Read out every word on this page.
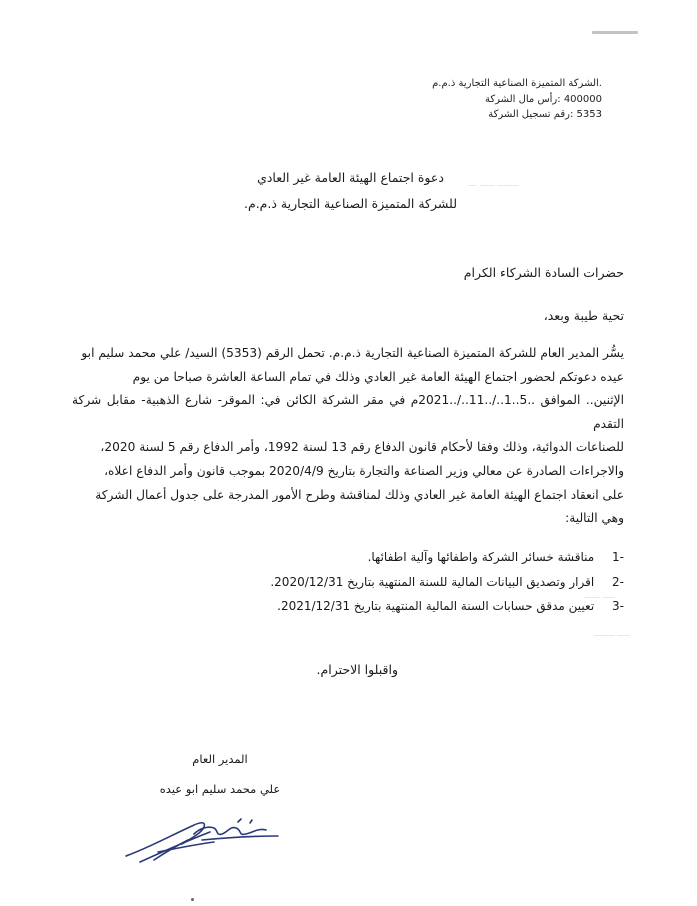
ـــــــ ـــــ ـــ
ــــ ـــــ
ــــ ـــــــ
.الشركة المتميزة الصناعية التجارية ذ.م.م
400000 :رأس مال الشركة
5353 :رقم تسجيل الشركة
دعوة اجتماع الهيئة العامة غير العادي
للشركة المتميزة الصناعية التجارية ذ.م.م.
حضرات السادة الشركاء الكرام
تحية طيبة وبعد،

يسُّر المدير العام للشركة المتميزة الصناعية التجارية ذ.م.م. تحمل الرقم (5353) السيد/ علي محمد سليم ابو

عيده دعوتكم لحضور اجتماع الهيئة العامة غير العادي وذلك في تمام الساعة العاشرة صباحا من يوم

الإثنين.. الموافق ..5..1../..11../..2021م في مقر الشركة الكائن في: الموقر- شارع الذهبية- مقابل شركة التقدم

للصناعات الدوائية، وذلك وفقا لأحكام قانون الدفاع رقم 13 لسنة 1992، وأمر الدفاع رقم 5 لسنة 2020،

والاجراءات الصادرة عن معالي وزير الصناعة والتجارة بتاريخ 2020/4/9 بموجب قانون وأمر الدفاع اعلاه،

على انعقاد اجتماع الهيئة العامة غير العادي وذلك لمناقشة وطرح الأمور المدرجة على جدول أعمال الشركة

وهي التالية:

-1 مناقشة خسائر الشركة واطفائها وآلية اطفائها.
-2 اقرار وتصديق البيانات المالية للسنة المنتهية بتاريخ 2020/12/31.
-3 تعيين مدقق حسابات السنة المالية المنتهية بتاريخ 2021/12/31.
واقبلوا الاحترام.
المدير العام
علي محمد سليم ابو عيده
